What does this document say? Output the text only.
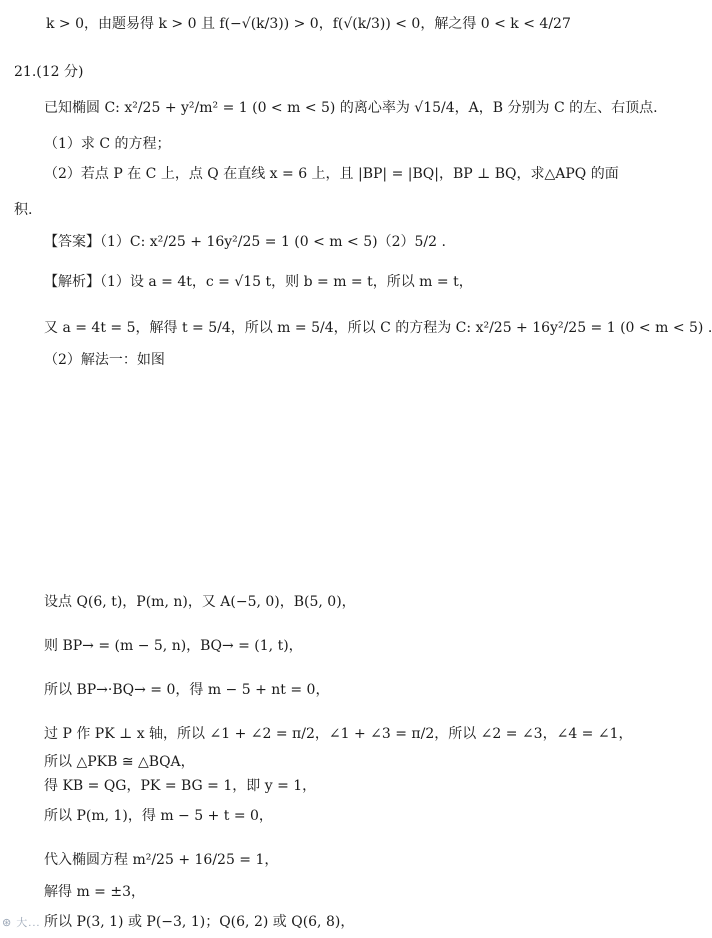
k > 0，由题易得 k > 0 且 f(−√(k/3)) > 0，f(√(k/3)) < 0，解之得 0 < k < 4/27
21.(12 分)
已知椭圆 C: x²/25 + y²/m² = 1 (0 < m < 5) 的离心率为 √15/4，A，B 分别为 C 的左、右顶点.
（1）求 C 的方程；
（2）若点 P 在 C 上，点 Q 在直线 x = 6 上，且 |BP| = |BQ|，BP ⊥ BQ，求△APQ 的面
积.
【答案】（1）C: x²/25 + 16y²/25 = 1 (0 < m < 5)（2）5/2 .
【解析】（1）设 a = 4t，c = √15 t，则 b = m = t，所以 m = t，
又 a = 4t = 5，解得 t = 5/4，所以 m = 5/4，所以 C 的方程为 C: x²/25 + 16y²/25 = 1 (0 < m < 5) .
（2）解法一：如图
设点 Q(6, t)，P(m, n)，又 A(−5, 0)，B(5, 0)，
则 BP→ = (m − 5, n)，BQ→ = (1, t)，
所以 BP→·BQ→ = 0，得 m − 5 + nt = 0，
过 P 作 PK ⊥ x 轴，所以 ∠1 + ∠2 = π/2，∠1 + ∠3 = π/2，所以 ∠2 = ∠3，∠4 = ∠1，
所以 △PKB ≅ △BQA，
得 KB = QG，PK = BG = 1，即 y = 1，
所以 P(m, 1)，得 m − 5 + t = 0，
代入椭圆方程 m²/25 + 16/25 = 1，
解得 m = ±3，
所以 P(3, 1) 或 P(−3, 1)；Q(6, 2) 或 Q(6, 8)，
⊛ 大...
